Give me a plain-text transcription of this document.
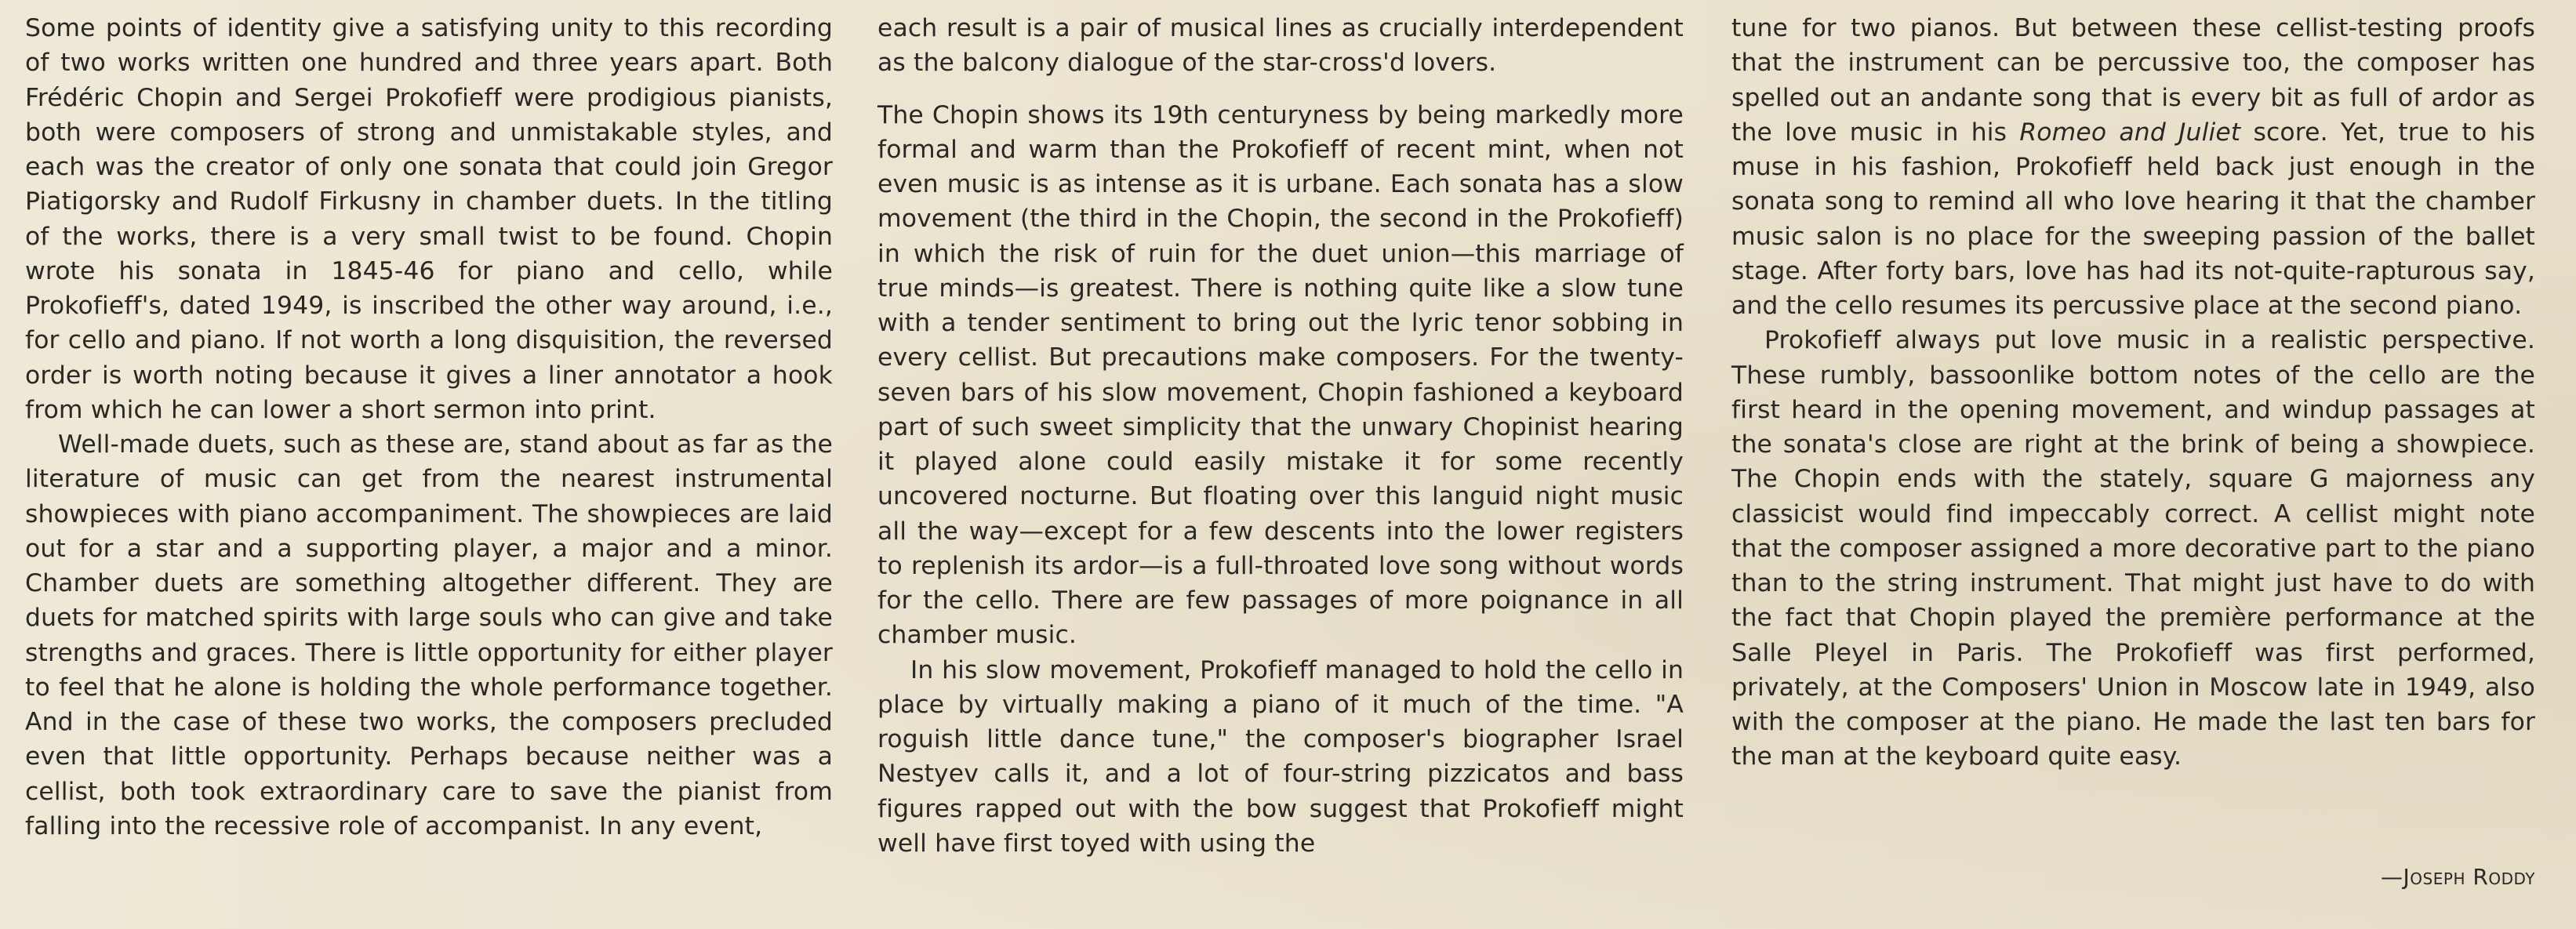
Some points of identity give a satisfying unity to this recording of two works written one hundred and three years apart. Both Frédéric Chopin and Sergei Prokofieff were prodigious pianists, both were composers of strong and unmistakable styles, and each was the creator of only one sonata that could join Gregor Piatigorsky and Rudolf Firkusny in chamber duets. In the titling of the works, there is a very small twist to be found. Chopin wrote his sonata in 1845-46 for piano and cello, while Prokofieff's, dated 1949, is inscribed the other way around, i.e., for cello and piano. If not worth a long disquisition, the reversed order is worth noting because it gives a liner annotator a hook from which he can lower a short sermon into print.

Well-made duets, such as these are, stand about as far as the literature of music can get from the nearest instrumental showpieces with piano accompaniment. The showpieces are laid out for a star and a supporting player, a major and a minor. Chamber duets are something altogether different. They are duets for matched spirits with large souls who can give and take strengths and graces. There is little opportunity for either player to feel that he alone is holding the whole performance together. And in the case of these two works, the composers precluded even that little opportunity. Perhaps because neither was a cellist, both took extraordinary care to save the pianist from falling into the recessive role of accompanist. In any event,

each result is a pair of musical lines as crucially interdependent as the balcony dialogue of the star-cross'd lovers.

The Chopin shows its 19th centuryness by being markedly more formal and warm than the Prokofieff of recent mint, when not even music is as intense as it is urbane. Each sonata has a slow movement (the third in the Chopin, the second in the Prokofieff) in which the risk of ruin for the duet union—this marriage of true minds—is greatest. There is nothing quite like a slow tune with a tender sentiment to bring out the lyric tenor sobbing in every cellist. But precautions make composers. For the twenty-seven bars of his slow movement, Chopin fashioned a keyboard part of such sweet simplicity that the unwary Chopinist hearing it played alone could easily mistake it for some recently uncovered nocturne. But floating over this languid night music all the way—except for a few descents into the lower registers to replenish its ardor—is a full-throated love song without words for the cello. There are few passages of more poignance in all chamber music.

In his slow movement, Prokofieff managed to hold the cello in place by virtually making a piano of it much of the time. "A roguish little dance tune," the composer's biographer Israel Nestyev calls it, and a lot of four-string pizzicatos and bass figures rapped out with the bow suggest that Prokofieff might well have first toyed with using the

tune for two pianos. But between these cellist-testing proofs that the instrument can be percussive too, the composer has spelled out an andante song that is every bit as full of ardor as the love music in his Romeo and Juliet score. Yet, true to his muse in his fashion, Prokofieff held back just enough in the sonata song to remind all who love hearing it that the chamber music salon is no place for the sweeping passion of the ballet stage. After forty bars, love has had its not-quite-rapturous say, and the cello resumes its percussive place at the second piano.

Prokofieff always put love music in a realistic perspective. These rumbly, bassoonlike bottom notes of the cello are the first heard in the opening movement, and windup passages at the sonata's close are right at the brink of being a showpiece. The Chopin ends with the stately, square G majorness any classicist would find impeccably correct. A cellist might note that the composer assigned a more decorative part to the piano than to the string instrument. That might just have to do with the fact that Chopin played the première performance at the Salle Pleyel in Paris. The Prokofieff was first performed, privately, at the Composers' Union in Moscow late in 1949, also with the composer at the piano. He made the last ten bars for the man at the keyboard quite easy.

—Joseph Roddy
